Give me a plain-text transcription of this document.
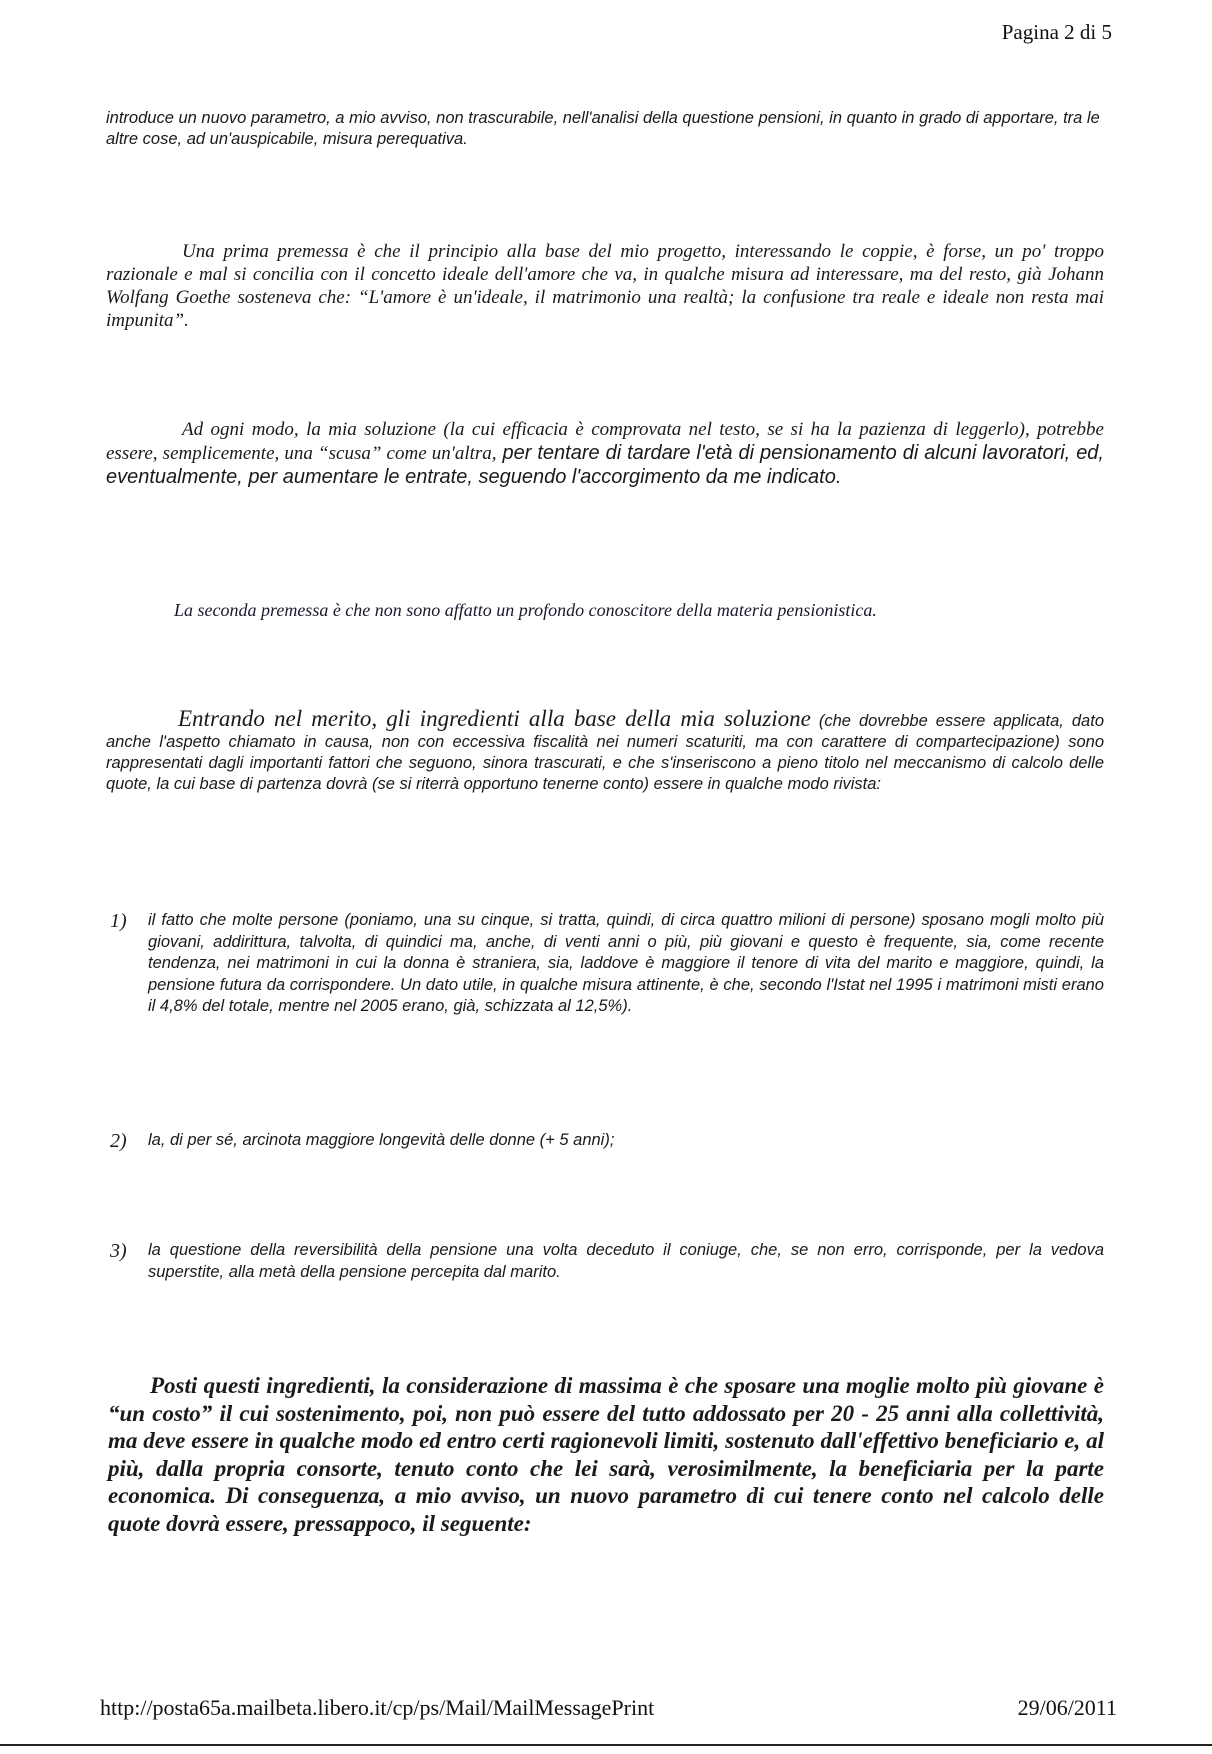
Pagina 2 di 5

introduce un nuovo parametro, a mio avviso, non trascurabile, nell'analisi della questione pensioni, in quanto in grado di apportare, tra le altre cose, ad un'auspicabile, misura perequativa.

Una prima premessa è che il principio alla base del mio progetto, interessando le coppie, è forse, un po' troppo razionale e mal si concilia con il concetto ideale dell'amore che va, in qualche misura ad interessare, ma del resto, già Johann Wolfang Goethe sosteneva che: “L'amore è un'ideale, il matrimonio una realtà; la confusione tra reale e ideale non resta mai impunita”.

Ad ogni modo, la mia soluzione (la cui efficacia è comprovata nel testo, se si ha la pazienza di leggerlo), potrebbe essere, semplicemente, una “scusa” come un'altra, per tentare di tardare l'età di pensionamento di alcuni lavoratori, ed, eventualmente, per aumentare le entrate, seguendo l'accorgimento da me indicato.

La seconda premessa è che non sono affatto un profondo conoscitore della materia pensionistica.

Entrando nel merito, gli ingredienti alla base della mia soluzione (che dovrebbe essere applicata, dato anche l'aspetto chiamato in causa, non con eccessiva fiscalità nei numeri scaturiti, ma con carattere di compartecipazione) sono rappresentati dagli importanti fattori che seguono, sinora trascurati, e che s'inseriscono a pieno titolo nel meccanismo di calcolo delle quote, la cui base di partenza dovrà (se si riterrà opportuno tenerne conto) essere in qualche modo rivista:

1) il fatto che molte persone (poniamo, una su cinque, si tratta, quindi, di circa quattro milioni di persone) sposano mogli molto più giovani, addirittura, talvolta, di quindici ma, anche, di venti anni o più, più giovani e questo è frequente, sia, come recente tendenza, nei matrimoni in cui la donna è straniera, sia, laddove è maggiore il tenore di vita del marito e maggiore, quindi, la pensione futura da corrispondere. Un dato utile, in qualche misura attinente, è che, secondo l'Istat nel 1995 i matrimoni misti erano il 4,8% del totale, mentre nel 2005 erano, già, schizzata al 12,5%).

2) la, di per sé, arcinota maggiore longevità delle donne (+ 5 anni);

3) la questione della reversibilità della pensione una volta deceduto il coniuge, che, se non erro, corrisponde, per la vedova superstite, alla metà della pensione percepita dal marito.

Posti questi ingredienti, la considerazione di massima è che sposare una moglie molto più giovane è “un costo” il cui sostenimento, poi, non può essere del tutto addossato per 20 - 25 anni alla collettività, ma deve essere in qualche modo ed entro certi ragionevoli limiti, sostenuto dall'effettivo beneficiario e, al più, dalla propria consorte, tenuto conto che lei sarà, verosimilmente, la beneficiaria per la parte economica. Di conseguenza, a mio avviso, un nuovo parametro di cui tenere conto nel calcolo delle quote dovrà essere, pressappoco, il seguente:

http://posta65a.mailbeta.libero.it/cp/ps/Mail/MailMessagePrint	29/06/2011
